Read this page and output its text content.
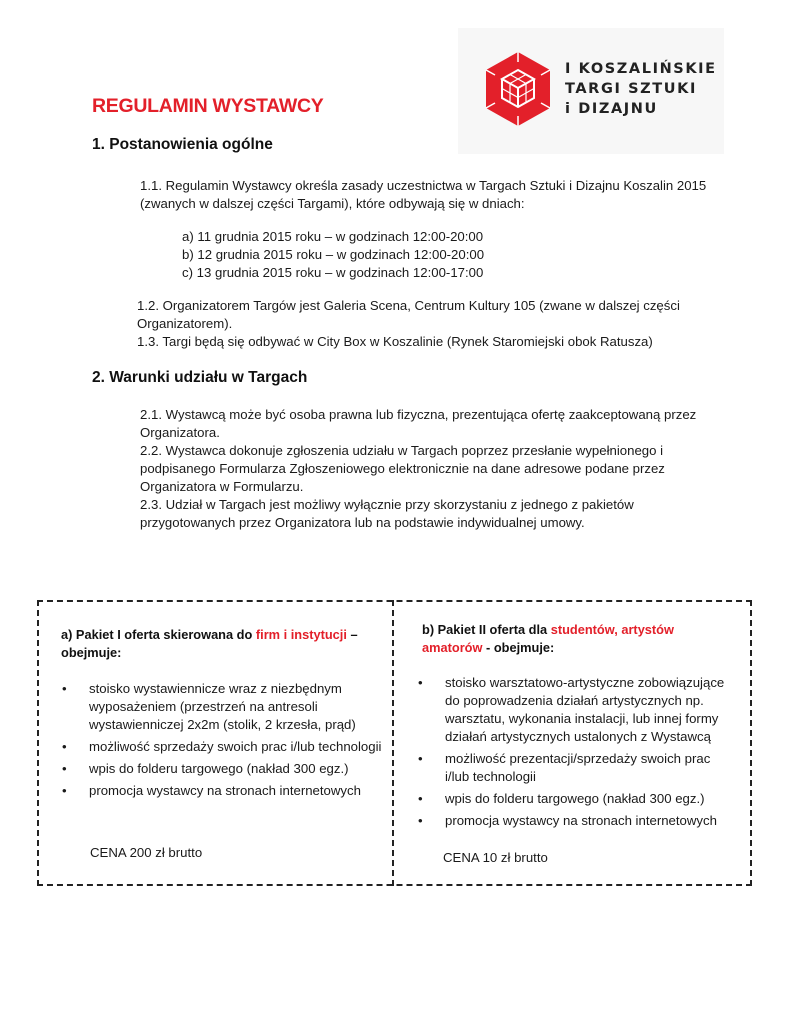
I KOSZALIŃSKIE
TARGI SZTUKI
i DIZAJNU
REGULAMIN WYSTAWCY
1. Postanowienia ogólne
1.1. Regulamin Wystawcy określa zasady uczestnictwa w Targach Sztuki i Dizajnu Koszalin 2015
(zwanych w dalszej części Targami), które odbywają się w dniach:
a) 11 grudnia 2015 roku – w godzinach 12:00-20:00
b) 12 grudnia 2015 roku – w godzinach 12:00-20:00
c) 13 grudnia 2015 roku – w godzinach 12:00-17:00
1.2. Organizatorem Targów jest Galeria Scena, Centrum Kultury 105 (zwane w dalszej części
Organizatorem).
1.3. Targi będą się odbywać w City Box w Koszalinie (Rynek Staromiejski obok Ratusza)
2. Warunki udziału w Targach
2.1. Wystawcą może być osoba prawna lub fizyczna, prezentująca ofertę zaakceptowaną przez
Organizatora.
2.2. Wystawca dokonuje zgłoszenia udziału w Targach poprzez przesłanie wypełnionego i
podpisanego Formularza Zgłoszeniowego elektronicznie na dane adresowe podane przez
Organizatora w Formularzu.
2.3. Udział w Targach jest możliwy wyłącznie przy skorzystaniu z jednego z pakietów
przygotowanych przez Organizatora lub na podstawie indywidualnej umowy.
a) Pakiet I oferta skierowana do firm i instytucji –
obejmuje:
• stoisko wystawiennicze wraz z niezbędnym
wyposażeniem (przestrzeń na antresoli
wystawienniczej 2x2m (stolik, 2 krzesła, prąd)
• możliwość sprzedaży swoich prac i/lub technologii
• wpis do folderu targowego (nakład 300 egz.)
• promocja wystawcy na stronach internetowych
CENA 200 zł brutto
b) Pakiet II oferta dla studentów, artystów
amatorów - obejmuje:
• stoisko warsztatowo-artystyczne zobowiązujące
do poprowadzenia działań artystycznych np.
warsztatu, wykonania instalacji, lub innej formy
działań artystycznych ustalonych z Wystawcą
• możliwość prezentacji/sprzedaży swoich prac
i/lub technologii
• wpis do folderu targowego (nakład 300 egz.)
• promocja wystawcy na stronach internetowych
CENA 10 zł brutto
